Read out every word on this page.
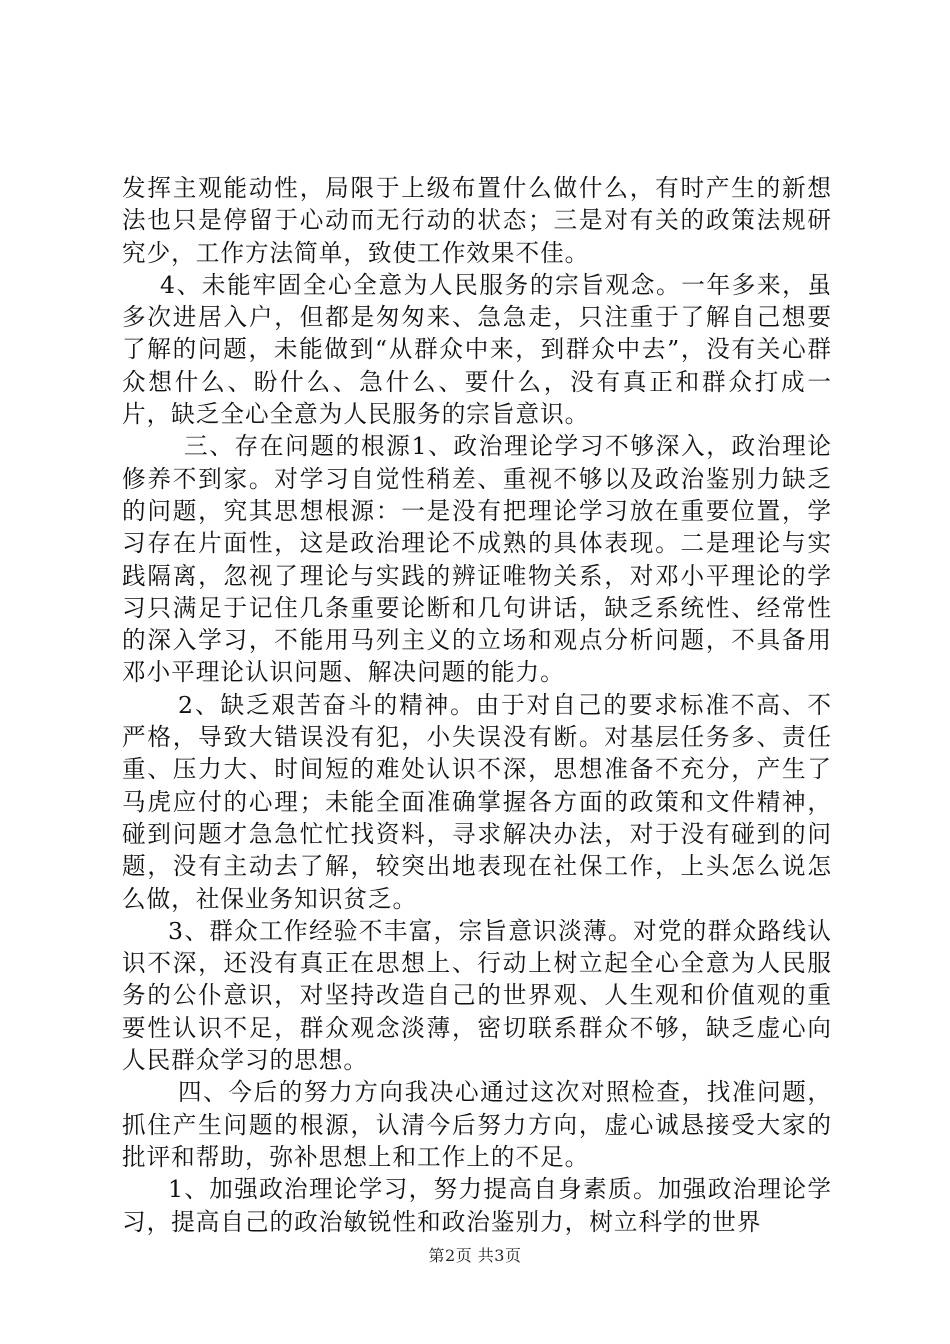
发挥主观能动性，局限于上级布置什么做什么，有时产生的新想法也只是停留于心动而无行动的状态；三是对有关的政策法规研究少，工作方法简单，致使工作效果不佳。

4、未能牢固全心全意为人民服务的宗旨观念。一年多来，虽多次进居入户，但都是匆匆来、急急走，只注重于了解自己想要了解的问题，未能做到“从群众中来，到群众中去”，没有关心群众想什么、盼什么、急什么、要什么，没有真正和群众打成一片，缺乏全心全意为人民服务的宗旨意识。

三、存在问题的根源1、政治理论学习不够深入，政治理论修养不到家。对学习自觉性稍差、重视不够以及政治鉴别力缺乏的问题，究其思想根源：一是没有把理论学习放在重要位置，学习存在片面性，这是政治理论不成熟的具体表现。二是理论与实践隔离，忽视了理论与实践的辨证唯物关系，对邓小平理论的学习只满足于记住几条重要论断和几句讲话，缺乏系统性、经常性的深入学习，不能用马列主义的立场和观点分析问题，不具备用邓小平理论认识问题、解决问题的能力。

2、缺乏艰苦奋斗的精神。由于对自己的要求标准不高、不严格，导致大错误没有犯，小失误没有断。对基层任务多、责任重、压力大、时间短的难处认识不深，思想准备不充分，产生了马虎应付的心理；未能全面准确掌握各方面的政策和文件精神，碰到问题才急急忙忙找资料，寻求解决办法，对于没有碰到的问题，没有主动去了解，较突出地表现在社保工作，上头怎么说怎么做，社保业务知识贫乏。

3、群众工作经验不丰富，宗旨意识淡薄。对党的群众路线认识不深，还没有真正在思想上、行动上树立起全心全意为人民服务的公仆意识，对坚持改造自己的世界观、人生观和价值观的重要性认识不足，群众观念淡薄，密切联系群众不够，缺乏虚心向人民群众学习的思想。

四、今后的努力方向我决心通过这次对照检查，找准问题，抓住产生问题的根源，认清今后努力方向，虚心诚恳接受大家的批评和帮助，弥补思想上和工作上的不足。

1、加强政治理论学习，努力提高自身素质。加强政治理论学习，提高自己的政治敏锐性和政治鉴别力，树立科学的世界

第2页 共3页
